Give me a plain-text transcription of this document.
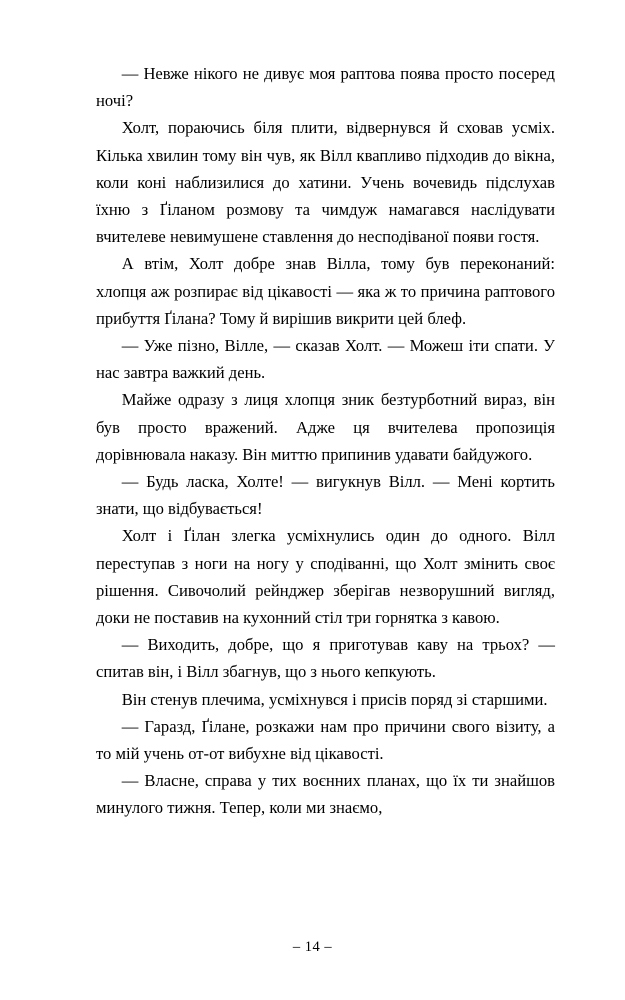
— Невже нікого не дивує моя раптова поява просто посеред ночі?

Холт, пораючись біля плити, відвернувся й сховав усміх. Кілька хвилин тому він чув, як Вілл квапливо підходив до вікна, коли коні наблизилися до хатини. Учень вочевидь підслухав їхню з Ґіланом розмову та чимдуж намагався наслідувати вчителеве невимушене ставлення до несподіваної появи гостя.

А втім, Холт добре знав Вілла, тому був переконаний: хлопця аж розпирає від цікавості — яка ж то причина раптового прибуття Ґілана? Тому й вирішив викрити цей блеф.

— Уже пізно, Вілле, — сказав Холт. — Можеш іти спати. У нас завтра важкий день.

Майже одразу з лиця хлопця зник безтурботний вираз, він був просто вражений. Адже ця вчителева пропозиція дорівнювала наказу. Він миттю припинив удавати байдужого.

— Будь ласка, Холте! — вигукнув Вілл. — Мені кортить знати, що відбувається!

Холт і Ґілан злегка усміхнулись один до одного. Вілл переступав з ноги на ногу у сподіванні, що Холт змінить своє рішення. Сивочолий рейнджер зберігав незворушний вигляд, доки не поставив на кухонний стіл три горнятка з кавою.

— Виходить, добре, що я приготував каву на трьох? — спитав він, і Вілл збагнув, що з нього кепкують.

Він стенув плечима, усміхнувся і присів поряд зі старшими.

— Гаразд, Ґілане, розкажи нам про причини свого візиту, а то мій учень от-от вибухне від цікавості.

— Власне, справа у тих воєнних планах, що їх ти знайшов минулого тижня. Тепер, коли ми знаємо,

– 14 –
